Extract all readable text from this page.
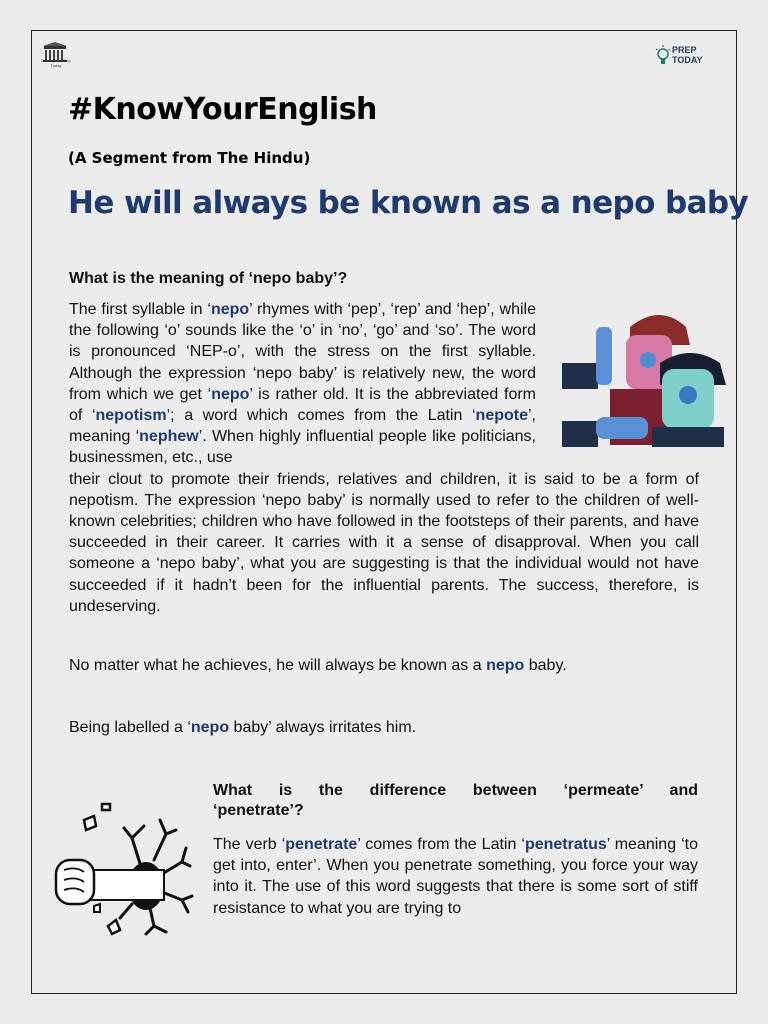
Descriptive Prep Today
PREP
TODAY
#KnowYourEnglish
(A Segment from The Hindu)
He will always be known as a nepo baby
What is the meaning of ‘nepo baby’?
The first syllable in ‘nepo’ rhymes with ‘pep’, ‘rep’ and ‘hep’, while the following ‘o’ sounds like the ‘o’ in ‘no’, ‘go’ and ‘so’. The word is pronounced ‘NEP-o’, with the stress on the first syllable. Although the expression ‘nepo baby’ is relatively new, the word from which we get ‘nepo’ is rather old. It is the abbreviated form of ‘nepotism’; a word which comes from the Latin ‘nepote’, meaning ‘nephew’. When highly influential people like politicians, businessmen, etc., use
their clout to promote their friends, relatives and children, it is said to be a form of nepotism. The expression ‘nepo baby’ is normally used to refer to the children of well-known celebrities; children who have followed in the footsteps of their parents, and have succeeded in their career. It carries with it a sense of disapproval. When you call someone a ‘nepo baby’, what you are suggesting is that the individual would not have succeeded if it hadn’t been for the influential parents. The success, therefore, is undeserving.
No matter what he achieves, he will always be known as a nepo baby.
Being labelled a ‘nepo baby’ always irritates him.
What is the difference between ‘permeate’ and
‘penetrate’?
The verb ‘penetrate’ comes from the Latin ‘penetratus’ meaning ‘to get into, enter’. When you penetrate something, you force your way into it. The use of this word suggests that there is some sort of stiff resistance to what you are trying to
